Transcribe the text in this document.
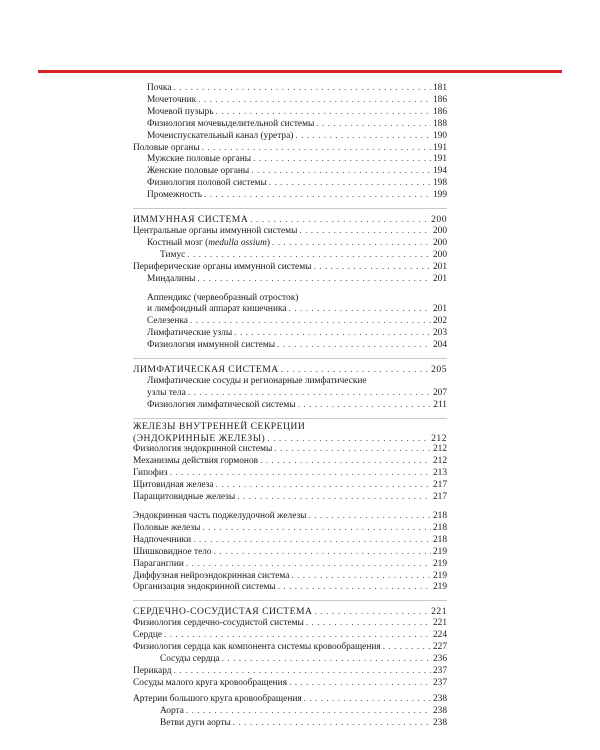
Почка . . .	181
Мочеточник . . .	186
Мочевой пузырь . . .	186
Физиология мочевыделительной системы . . .	188
Мочеиспускательный канал (уретра) . . .	190
Половые органы . . .	191
Мужские половые органы . . .	191
Женские половые органы . . .	194
Физиология половой системы . . .	198
Промежность . . .	199
ИММУННАЯ СИСТЕМА . . .	200
Центральные органы иммунной системы . . .	200
Костный мозг (medulla ossium) . . .	200
Тимус . . .	200
Периферические органы иммунной системы . . .	201
Миндалины . . .	201
Аппендикс (червеобразный отросток)
и лимфоидный аппарат кишечника . . .	201
Селезенка . . .	202
Лимфатические узлы . . .	203
Физиология иммунной системы . . .	204
ЛИМФАТИЧЕСКАЯ СИСТЕМА . . .	205
Лимфатические сосуды и регионарные лимфатические
узлы тела . . .	207
Физиология лимфатической системы . . .	211
ЖЕЛЕЗЫ ВНУТРЕННЕЙ СЕКРЕЦИИ
(ЭНДОКРИННЫЕ ЖЕЛЕЗЫ) . . .	212
Физиология эндокринной системы . . .	212
Механизмы действия гормонов . . .	212
Гипофиз . . .	213
Щитовидная железа . . .	217
Паращитовидные железы . . .	217
Эндокринная часть поджелудочной железы . . .	218
Половые железы . . .	218
Надпочечники . . .	218
Шишковидное тело . . .	219
Параганглии . . .	219
Диффузная нейроэндокринная система . . .	219
Организация эндокринной системы . . .	219
СЕРДЕЧНО-СОСУДИСТАЯ СИСТЕМА . . .	221
Физиология сердечно-сосудистой системы . . .	221
Сердце . . .	224
Физиология сердца как компонента системы кровообращения . . .	227
Сосуды сердца . . .	236
Перикард . . .	237
Сосуды малого круга кровообращения . . .	237
Артерии большого круга кровообращения . . .	238
Аорта . . .	238
Ветви дуги аорты . . .	238
